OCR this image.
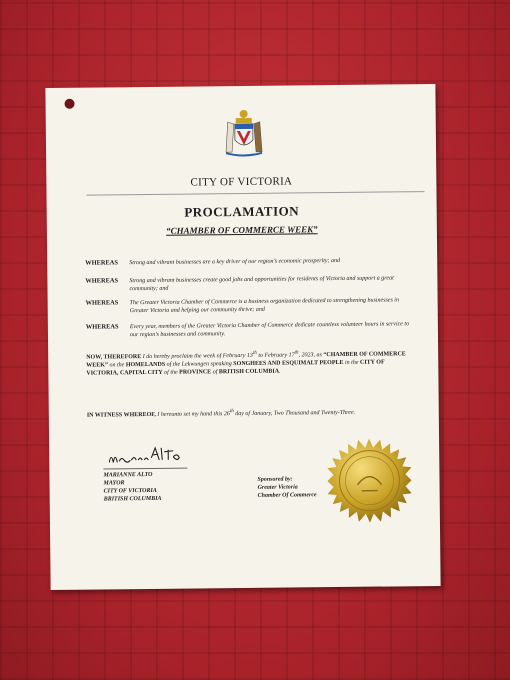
CITY OF VICTORIA
PROCLAMATION
“CHAMBER OF COMMERCE WEEK”
WHEREAS Strong and vibrant businesses are a key driver of our region’s economic prosperity; and
WHEREAS Strong and vibrant businesses create good jobs and opportunities for residents of Victoria and support a great community; and
WHEREAS The Greater Victoria Chamber of Commerce is a business organization dedicated to strengthening businesses in Greater Victoria and helping our community thrive; and
WHEREAS Every year, members of the Greater Victoria Chamber of Commerce dedicate countless volunteer hours in service to our region’s businesses and community.
NOW, THEREFORE I do hereby proclaim the week of February 13th to February 17th, 2023, as “CHAMBER OF COMMERCE WEEK” on the HOMELANDS of the Lekwungen speaking SONGHEES AND ESQUIMALT PEOPLE in the CITY OF VICTORIA, CAPITAL CITY of the PROVINCE of BRITISH COLUMBIA.
IN WITNESS WHEREOF, I hereunto set my hand this 26th day of January, Two Thousand and Twenty-Three.
MARIANNE ALTO
MAYOR
CITY OF VICTORIA
BRITISH COLUMBIA
Sponsored by:
Greater Victoria
Chamber Of Commerce
